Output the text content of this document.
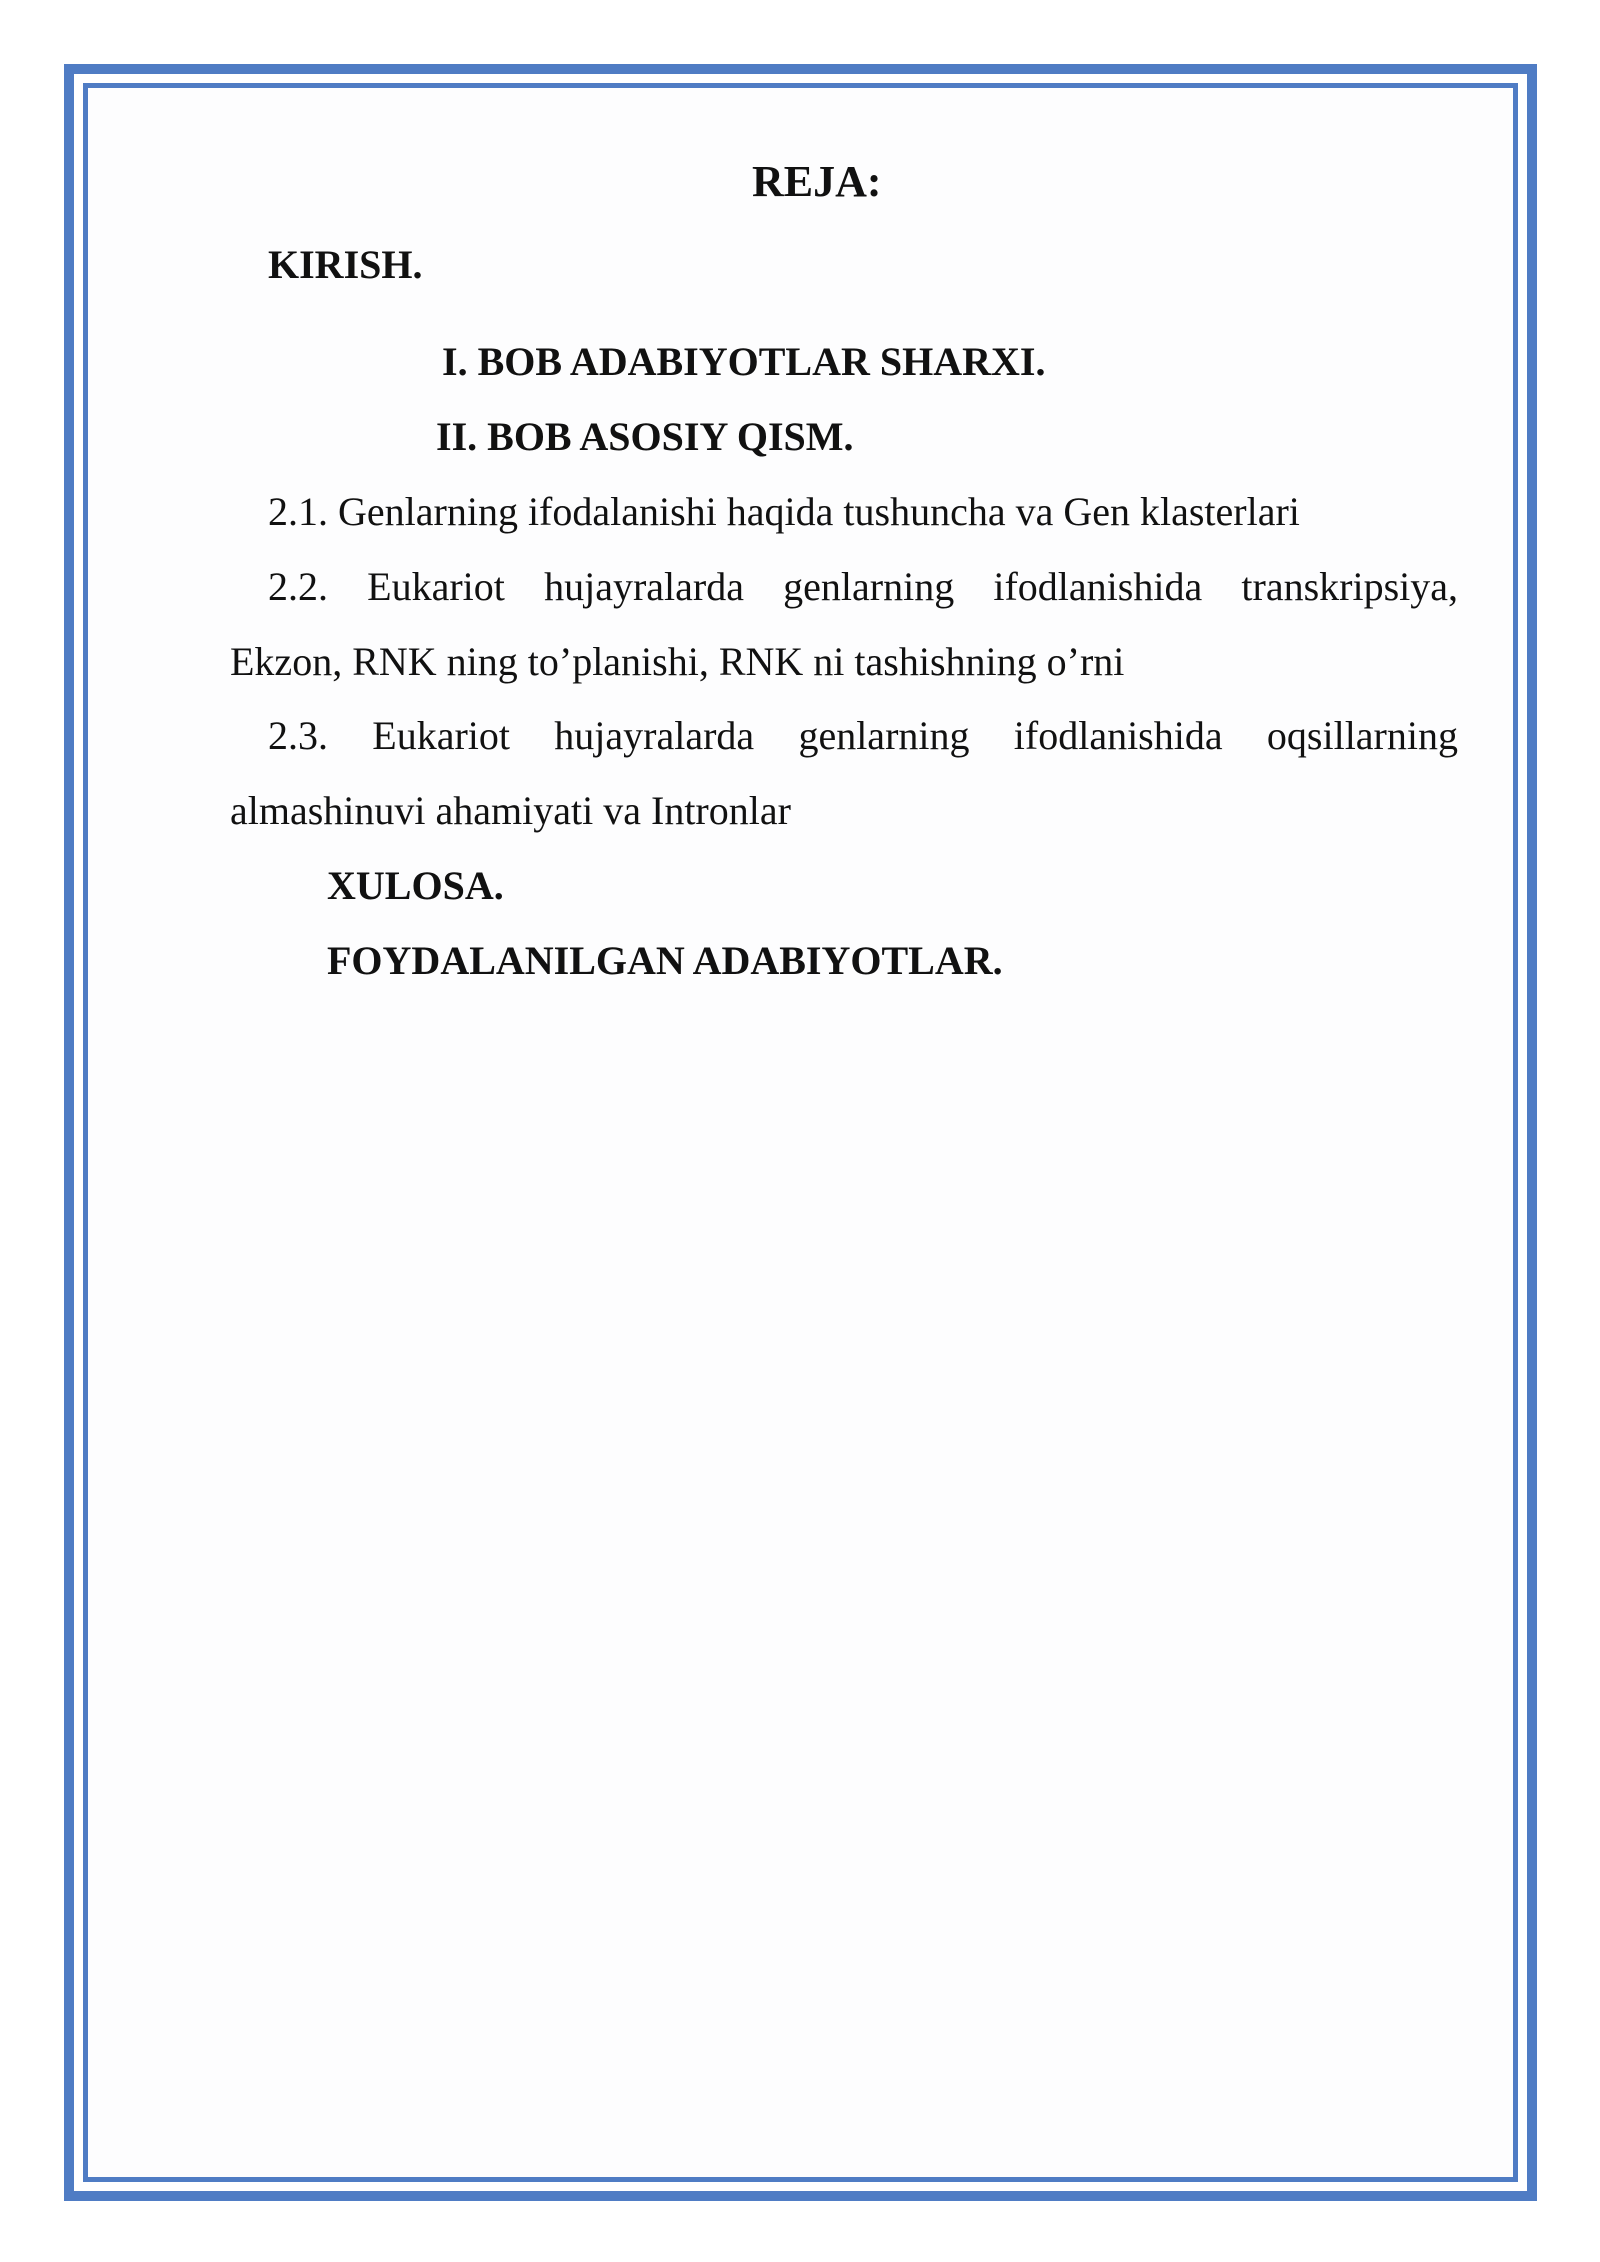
REJA:
KIRISH.
I. BOB ADABIYOTLAR SHARXI.
II. BOB ASOSIY QISM.
2.1. Genlarning ifodalanishi haqida tushuncha va Gen klasterlari
2.2. Eukariot hujayralarda genlarning ifodlanishida transkripsiya,
Ekzon, RNK ning to’planishi, RNK ni tashishning o’rni
2.3. Eukariot hujayralarda genlarning ifodlanishida oqsillarning
almashinuvi ahamiyati va Intronlar
XULOSA.
FOYDALANILGAN ADABIYOTLAR.
